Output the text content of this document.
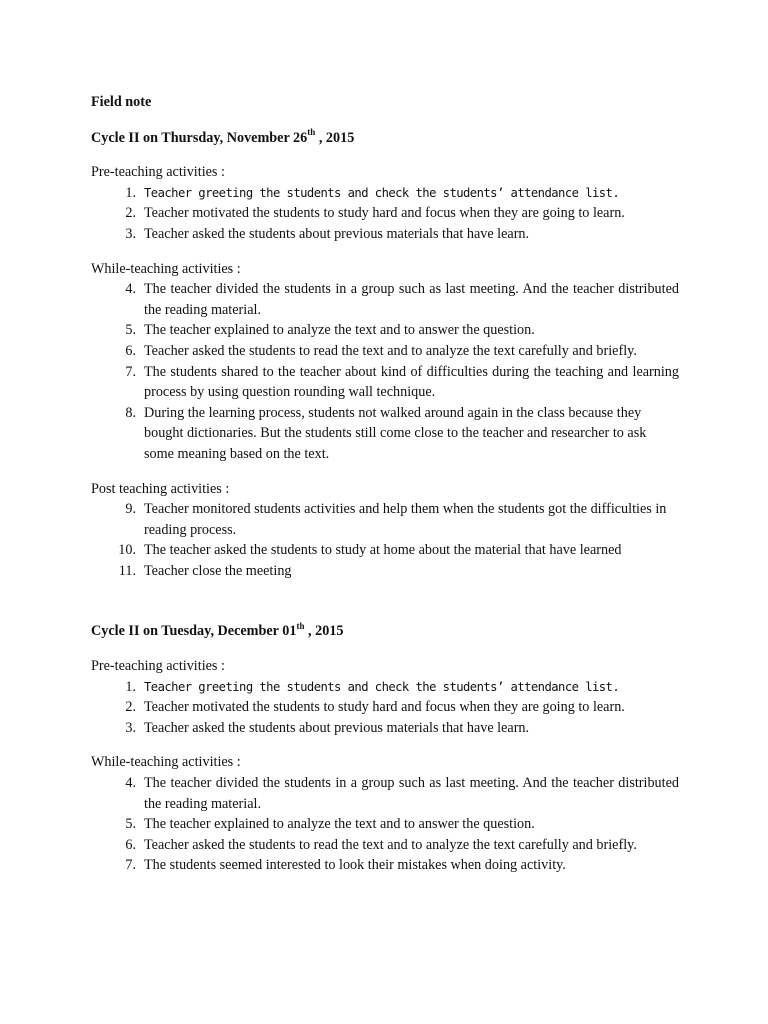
Field note

Cycle II on Thursday, November 26th , 2015

Pre-teaching activities :

1. Teacher greeting the students and check the students’ attendance list.
2. Teacher motivated the students to study hard and focus when they are going to learn.
3. Teacher asked the students about previous materials that have learn.

While-teaching activities :

4. The teacher divided the students in a group such as last meeting. And the teacher distributed the reading material.
5. The teacher explained to analyze the text and to answer the question.
6. Teacher asked the students to read the text and to analyze the text carefully and briefly.
7. The students shared to the teacher about kind of difficulties during the teaching and learning process by using question rounding wall technique.
8. During the learning process, students not walked around again in the class because they bought dictionaries. But the students still come close to the teacher and researcher to ask some meaning based on the text.

Post teaching activities :

9. Teacher monitored students activities and help them when the students got the difficulties in reading process.
10. The teacher asked the students to study at home about the material that have learned
11. Teacher close the meeting

Cycle II on Tuesday, December 01th , 2015

Pre-teaching activities :

1. Teacher greeting the students and check the students’ attendance list.
2. Teacher motivated the students to study hard and focus when they are going to learn.
3. Teacher asked the students about previous materials that have learn.

While-teaching activities :

4. The teacher divided the students in a group such as last meeting. And the teacher distributed the reading material.
5. The teacher explained to analyze the text and to answer the question.
6. Teacher asked the students to read the text and to analyze the text carefully and briefly.
7. The students seemed interested to look their mistakes when doing activity.
